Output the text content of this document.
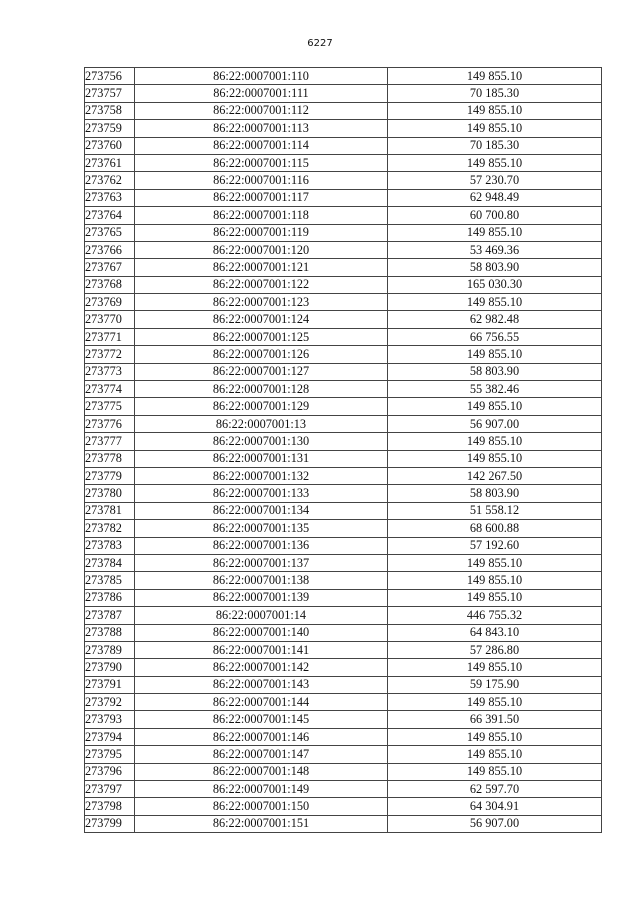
6227
273756	86:22:0007001:110	149 855.10
273757	86:22:0007001:111	70 185.30
273758	86:22:0007001:112	149 855.10
273759	86:22:0007001:113	149 855.10
273760	86:22:0007001:114	70 185.30
273761	86:22:0007001:115	149 855.10
273762	86:22:0007001:116	57 230.70
273763	86:22:0007001:117	62 948.49
273764	86:22:0007001:118	60 700.80
273765	86:22:0007001:119	149 855.10
273766	86:22:0007001:120	53 469.36
273767	86:22:0007001:121	58 803.90
273768	86:22:0007001:122	165 030.30
273769	86:22:0007001:123	149 855.10
273770	86:22:0007001:124	62 982.48
273771	86:22:0007001:125	66 756.55
273772	86:22:0007001:126	149 855.10
273773	86:22:0007001:127	58 803.90
273774	86:22:0007001:128	55 382.46
273775	86:22:0007001:129	149 855.10
273776	86:22:0007001:13	56 907.00
273777	86:22:0007001:130	149 855.10
273778	86:22:0007001:131	149 855.10
273779	86:22:0007001:132	142 267.50
273780	86:22:0007001:133	58 803.90
273781	86:22:0007001:134	51 558.12
273782	86:22:0007001:135	68 600.88
273783	86:22:0007001:136	57 192.60
273784	86:22:0007001:137	149 855.10
273785	86:22:0007001:138	149 855.10
273786	86:22:0007001:139	149 855.10
273787	86:22:0007001:14	446 755.32
273788	86:22:0007001:140	64 843.10
273789	86:22:0007001:141	57 286.80
273790	86:22:0007001:142	149 855.10
273791	86:22:0007001:143	59 175.90
273792	86:22:0007001:144	149 855.10
273793	86:22:0007001:145	66 391.50
273794	86:22:0007001:146	149 855.10
273795	86:22:0007001:147	149 855.10
273796	86:22:0007001:148	149 855.10
273797	86:22:0007001:149	62 597.70
273798	86:22:0007001:150	64 304.91
273799	86:22:0007001:151	56 907.00
